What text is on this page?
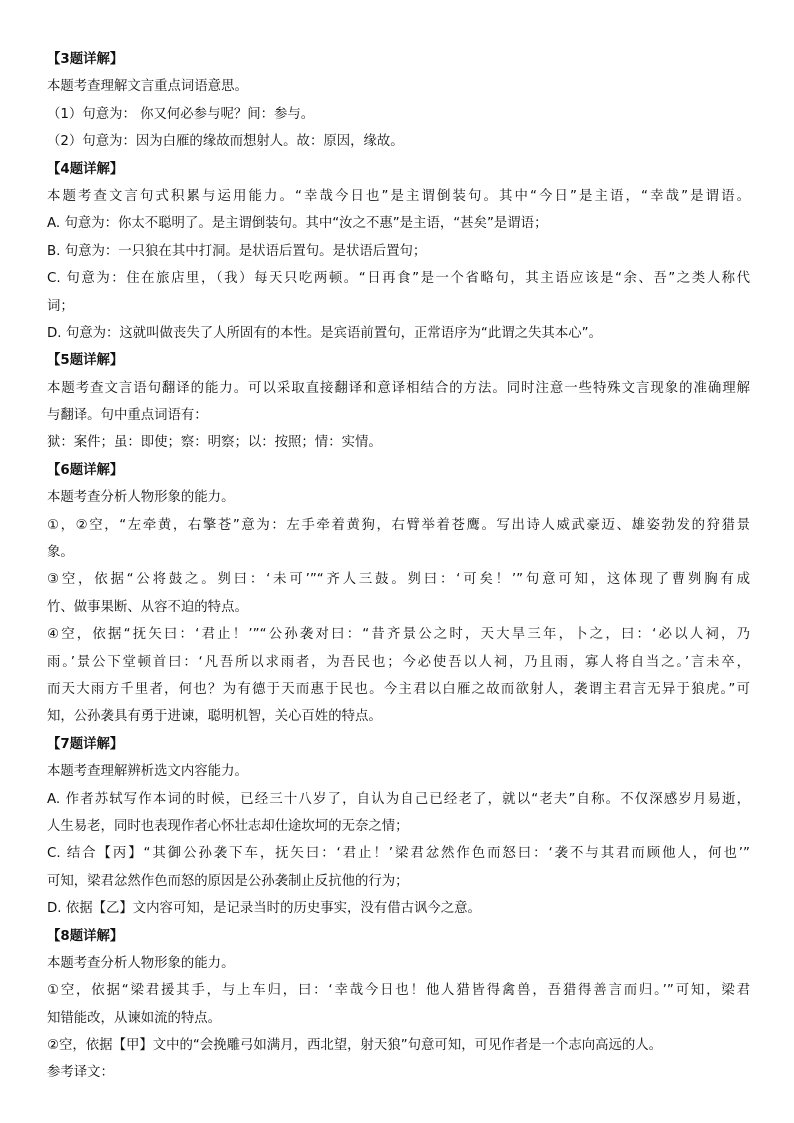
【3题详解】
本题考查理解文言重点词语意思。
（1）句意为： 你又何必参与呢？间：参与。
（2）句意为：因为白雁的缘故而想射人。故：原因，缘故。
【4题详解】
本题考查文言句式积累与运用能力。“幸哉今日也”是主谓倒装句。其中“今日”是主语，“幸哉”是谓语。
A. 句意为：你太不聪明了。是主谓倒装句。其中“汝之不惠”是主语，“甚矣”是谓语；
B. 句意为：一只狼在其中打洞。是状语后置句。是状语后置句；
C. 句意为：住在旅店里，（我）每天只吃两顿。“日再食”是一个省略句，其主语应该是“余、吾”之类人称代
词；
D. 句意为：这就叫做丧失了人所固有的本性。是宾语前置句，正常语序为“此谓之失其本心”。
【5题详解】
本题考查文言语句翻译的能力。可以采取直接翻译和意译相结合的方法。同时注意一些特殊文言现象的准确理解
与翻译。句中重点词语有：
狱：案件；虽：即使；察：明察；以：按照；情：实情。
【6题详解】
本题考查分析人物形象的能力。
①，②空，“左牵黄，右擎苍”意为：左手牵着黄狗，右臂举着苍鹰。写出诗人威武豪迈、雄姿勃发的狩猎景
象。
③空，依据“公将鼓之。刿曰：‘未可’”“齐人三鼓。刿曰：‘可矣！’”句意可知，这体现了曹刿胸有成
竹、做事果断、从容不迫的特点。
④空，依据“抚矢曰：‘君止！’”“公孙袭对曰：“昔齐景公之时，天大旱三年，卜之，曰：‘必以人祠，乃
雨。’景公下堂顿首曰：‘凡吾所以求雨者，为吾民也；今必使吾以人祠，乃且雨，寡人将自当之。’言未卒，
而天大雨方千里者，何也？为有德于天而惠于民也。今主君以白雁之故而欲射人，袭谓主君言无异于狼虎。”可
知，公孙袭具有勇于进谏，聪明机智，关心百姓的特点。
【7题详解】
本题考查理解辨析选文内容能力。
A. 作者苏轼写作本词的时候，已经三十八岁了，自认为自己已经老了，就以“老夫”自称。不仅深感岁月易逝，
人生易老，同时也表现作者心怀壮志却仕途坎坷的无奈之情；
C. 结合【丙】“其御公孙袭下车，抚矢曰：‘君止！’梁君忿然作色而怒曰：‘袭不与其君而顾他人，何也’”
可知，梁君忿然作色而怒的原因是公孙袭制止反抗他的行为；
D. 依据【乙】文内容可知，是记录当时的历史事实，没有借古讽今之意。
【8题详解】
本题考查分析人物形象的能力。
①空，依据“梁君援其手，与上车归，曰：‘幸哉今日也！他人猎皆得禽兽，吾猎得善言而归。’”可知，梁君
知错能改，从谏如流的特点。
②空，依据【甲】文中的“会挽雕弓如满月，西北望，射天狼”句意可知，可见作者是一个志向高远的人。
参考译文：
